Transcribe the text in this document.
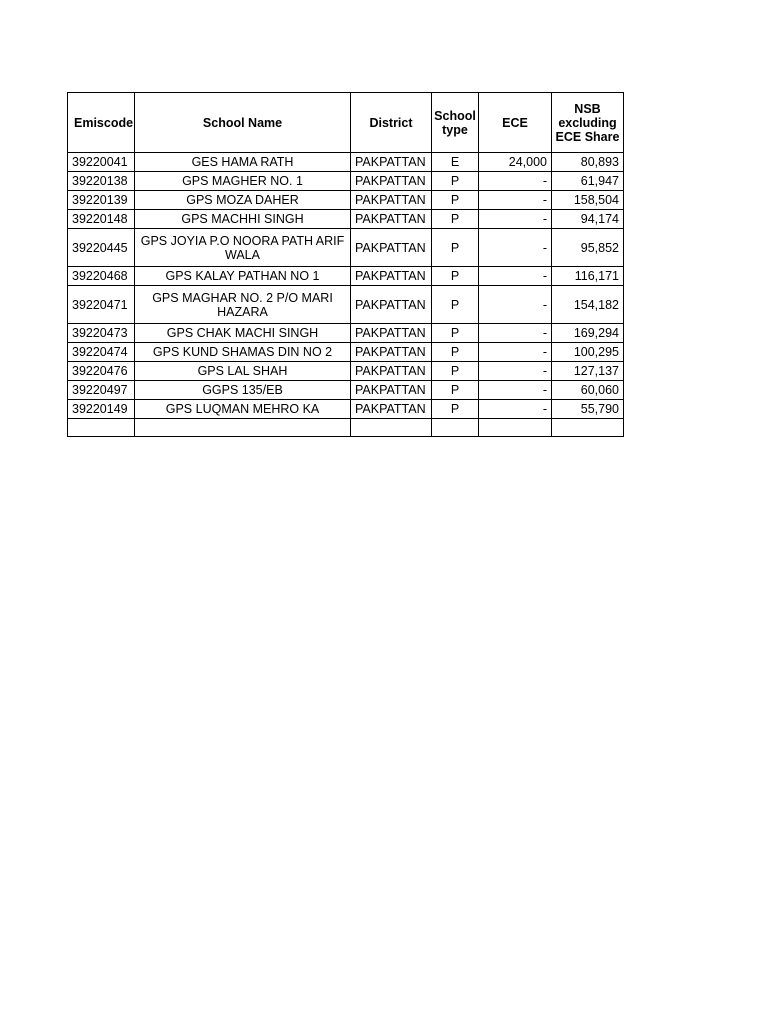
Emiscode	School Name	District	School type	ECE	NSB excluding ECE Share
39220041	GES HAMA RATH	PAKPATTAN	E	24,000	80,893
39220138	GPS MAGHER NO. 1	PAKPATTAN	P	-	61,947
39220139	GPS MOZA DAHER	PAKPATTAN	P	-	158,504
39220148	GPS MACHHI SINGH	PAKPATTAN	P	-	94,174
39220445	GPS JOYIA P.O NOORA PATH ARIF WALA	PAKPATTAN	P	-	95,852
39220468	GPS KALAY PATHAN NO 1	PAKPATTAN	P	-	116,171
39220471	GPS MAGHAR NO. 2 P/O MARI HAZARA	PAKPATTAN	P	-	154,182
39220473	GPS CHAK MACHI SINGH	PAKPATTAN	P	-	169,294
39220474	GPS KUND SHAMAS DIN NO 2	PAKPATTAN	P	-	100,295
39220476	GPS LAL SHAH	PAKPATTAN	P	-	127,137
39220497	GGPS 135/EB	PAKPATTAN	P	-	60,060
39220149	GPS LUQMAN MEHRO KA	PAKPATTAN	P	-	55,790
